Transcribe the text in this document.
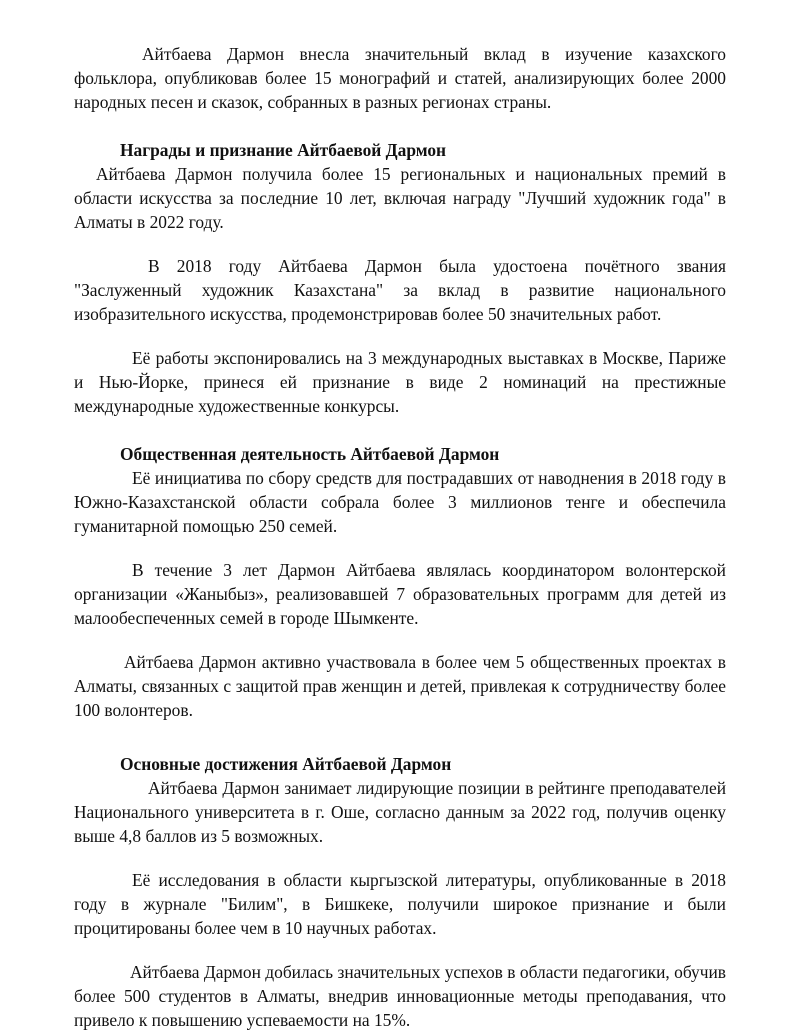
Айтбаева Дармон внесла значительный вклад в изучение казахского фольклора, опубликовав более 15 монографий и статей, анализирующих более 2000 народных песен и сказок, собранных в разных регионах страны.

Награды и признание Айтбаевой Дармон

Айтбаева Дармон получила более 15 региональных и национальных премий в области искусства за последние 10 лет, включая награду "Лучший художник года" в Алматы в 2022 году.

В 2018 году Айтбаева Дармон была удостоена почётного звания "Заслуженный художник Казахстана" за вклад в развитие национального изобразительного искусства, продемонстрировав более 50 значительных работ.

Её работы экспонировались на 3 международных выставках в Москве, Париже и Нью-Йорке, принеся ей признание в виде 2 номинаций на престижные международные художественные конкурсы.

Общественная деятельность Айтбаевой Дармон

Её инициатива по сбору средств для пострадавших от наводнения в 2018 году в Южно-Казахстанской области собрала более 3 миллионов тенге и обеспечила гуманитарной помощью 250 семей.

В течение 3 лет Дармон Айтбаева являлась координатором волонтерской организации «Жаныбыз», реализовавшей 7 образовательных программ для детей из малообеспеченных семей в городе Шымкенте.

Айтбаева Дармон активно участвовала в более чем 5 общественных проектах в Алматы, связанных с защитой прав женщин и детей, привлекая к сотрудничеству более 100 волонтеров.

Основные достижения Айтбаевой Дармон

Айтбаева Дармон занимает лидирующие позиции в рейтинге преподавателей Национального университета в г. Оше, согласно данным за 2022 год, получив оценку выше 4,8 баллов из 5 возможных.

Её исследования в области кыргызской литературы, опубликованные в 2018 году в журнале "Билим", в Бишкеке, получили широкое признание и были процитированы более чем в 10 научных работах.

Айтбаева Дармон добилась значительных успехов в области педагогики, обучив более 500 студентов в Алматы, внедрив инновационные методы преподавания, что привело к повышению успеваемости на 15%.
